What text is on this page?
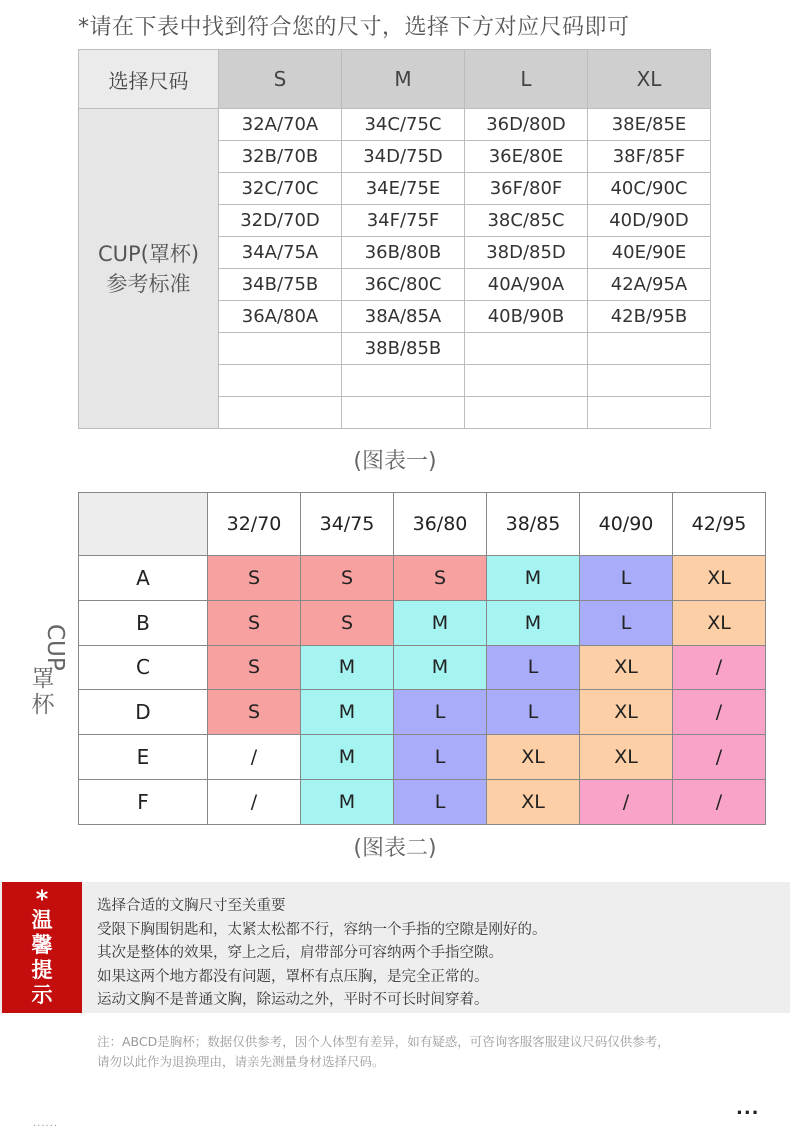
*请在下表中找到符合您的尺寸，选择下方对应尺码即可
选择尺码	S	M	L	XL

CUP(罩杯)
参考标准	32A/70A	34C/75C	36D/80D	38E/85E
	32B/70B	34D/75D	36E/80E	38F/85F
	32C/70C	34E/75E	36F/80F	40C/90C
	32D/70D	34F/75F	38C/85C	40D/90D
	34A/75A	36B/80B	38D/85D	40E/90E
	34B/75B	36C/80C	40A/90A	42A/95A
	36A/80A	38A/85A	40B/90B	42B/95B
		38B/85B		

(图表一)
CUP
罩
杯
	32/70	34/75	36/80	38/85	40/90	42/95
A	S	S	S	M	L	XL
B	S	S	M	M	L	XL
C	S	M	M	L	XL	/
D	S	M	L	L	XL	/
E	/	M	L	XL	XL	/
F	/	M	L	XL	/	/
(图表二)
*
温
馨
提
示
选择合适的文胸尺寸至关重要
受限下胸围钥匙和，太紧太松都不行，容纳一个手指的空隙是刚好的。
其次是整体的效果，穿上之后，肩带部分可容纳两个手指空隙。
如果这两个地方都没有问题，罩杯有点压胸，是完全正常的。
运动文胸不是普通文胸，除运动之外，平时不可长时间穿着。
注：ABCD是胸杯；数据仅供参考，因个人体型有差异，如有疑惑，可咨询客服客服建议尺码仅供参考，
请勿以此作为退换理由，请亲先测量身材选择尺码。
...
......
